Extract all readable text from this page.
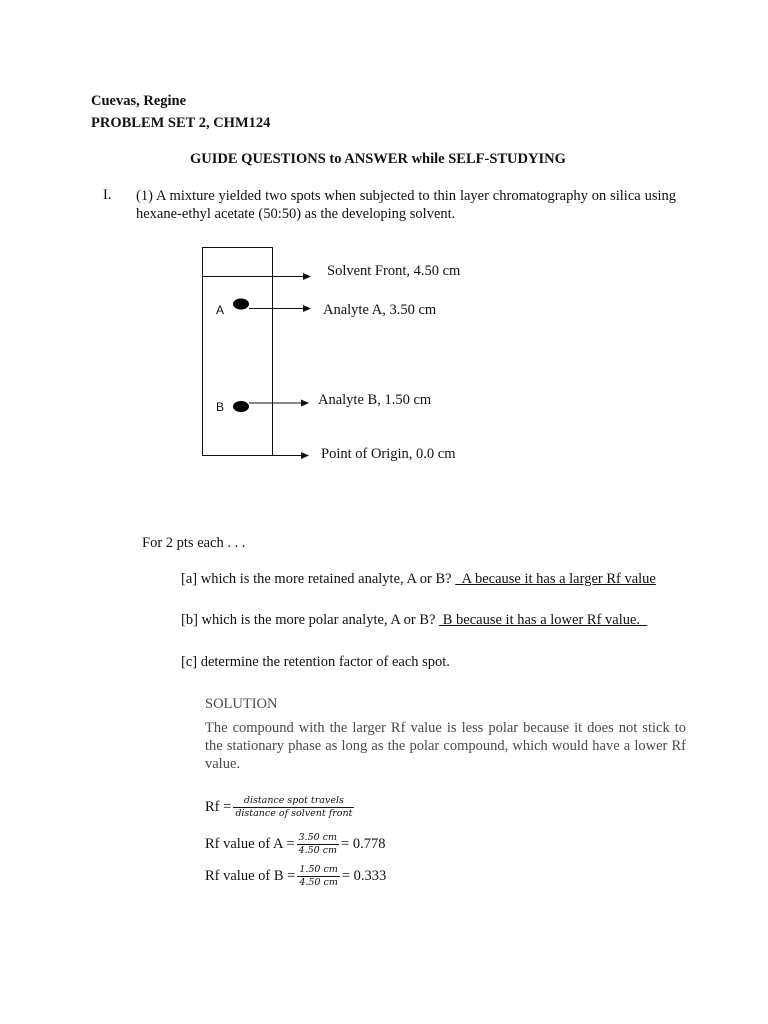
Cuevas, Regine
PROBLEM SET 2, CHM124
GUIDE QUESTIONS to ANSWER while SELF-STUDYING
I. (1) A mixture yielded two spots when subjected to thin layer chromatography on silica using hexane-ethyl acetate (50:50) as the developing solvent.
A
B
Solvent Front, 4.50 cm
Analyte A, 3.50 cm
Analyte B, 1.50 cm
Point of Origin, 0.0 cm
For 2 pts each . . .
[a] which is the more retained analyte, A or B?   A because it has a larger Rf value
[b] which is the more polar analyte, A or B?  B because it has a lower Rf value.
[c] determine the retention factor of each spot.
SOLUTION
The compound with the larger Rf value is less polar because it does not stick to the stationary phase as long as the polar compound, which would have a lower Rf value.
$Rf = \frac{\text{distance spot travels}}{\text{distance of solvent front}}$
Rf value of $A = \frac{3.50 cm}{4.50 cm} = 0.778$
Rf value of $B = \frac{1.50 cm}{4.50 cm} = 0.333$
